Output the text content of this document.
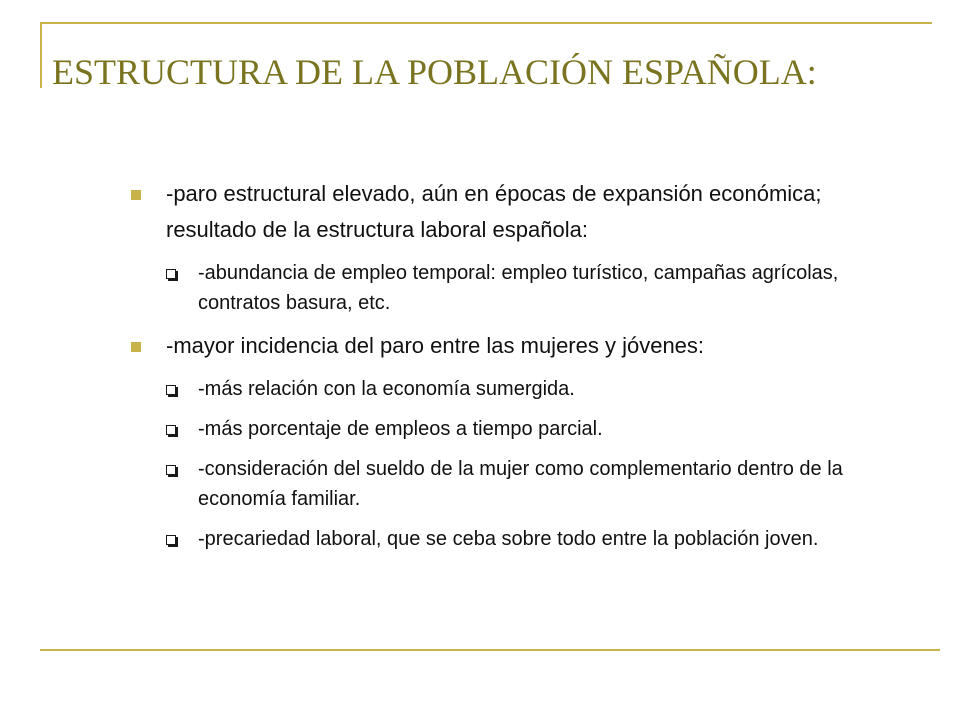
ESTRUCTURA DE LA POBLACIÓN ESPAÑOLA:
-paro estructural elevado, aún en épocas de expansión económica; resultado de la estructura laboral española:
-abundancia de empleo temporal: empleo turístico, campañas agrícolas, contratos basura, etc.
-mayor incidencia del paro entre las mujeres y jóvenes:
-más relación con la economía sumergida.
-más porcentaje de empleos a tiempo parcial.
-consideración del sueldo de la mujer como complementario dentro de la economía familiar.
-precariedad laboral, que se ceba sobre todo entre la población joven.
